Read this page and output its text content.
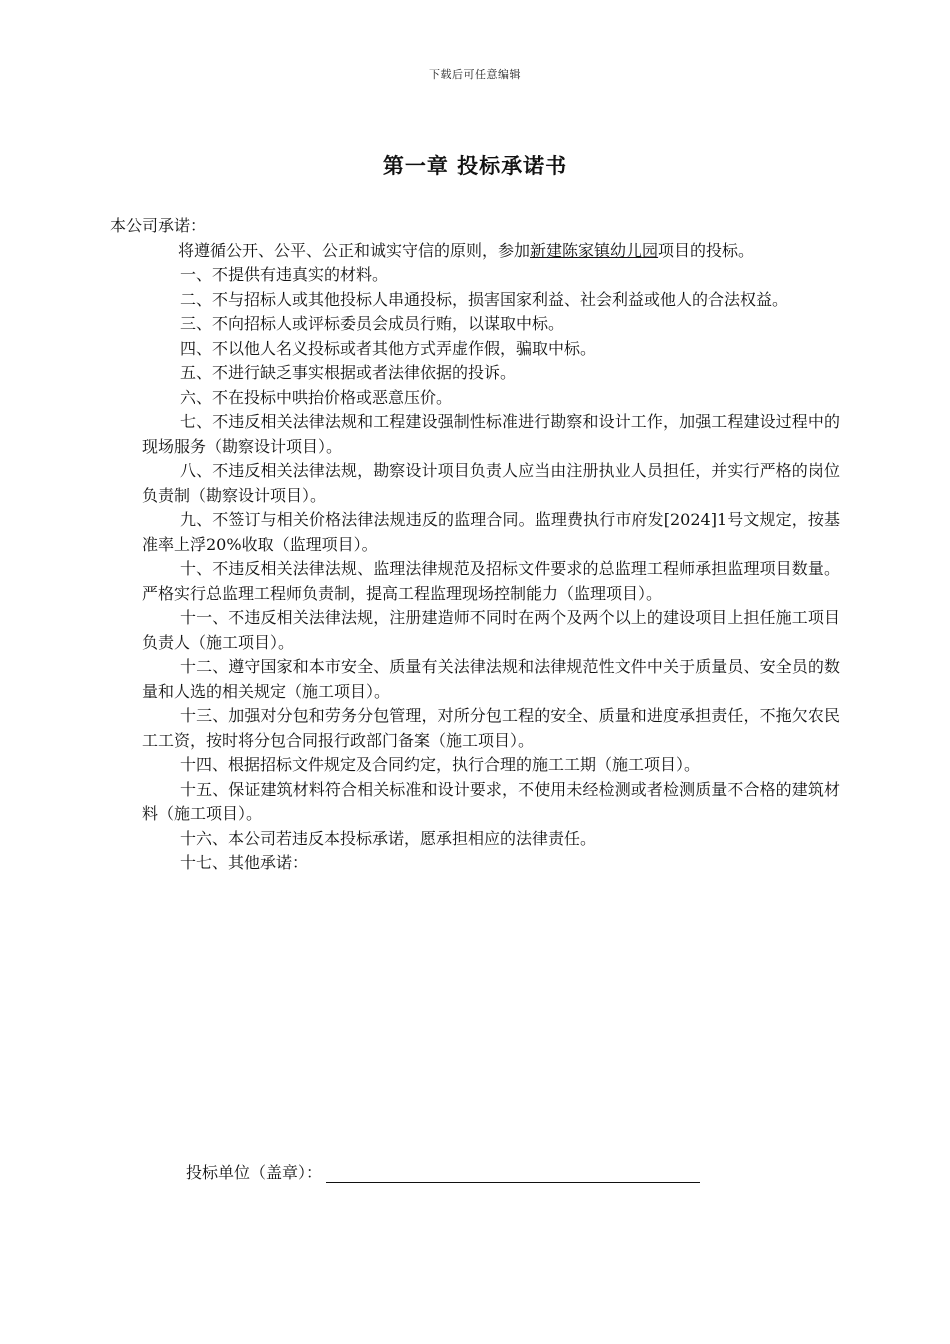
下载后可任意编辑
第一章 投标承诺书

本公司承诺：

将遵循公开、公平、公正和诚实守信的原则，参加新建陈家镇幼儿园项目的投标。

一、不提供有违真实的材料。
二、不与招标人或其他投标人串通投标，损害国家利益、社会利益或他人的合法权益。
三、不向招标人或评标委员会成员行贿，以谋取中标。
四、不以他人名义投标或者其他方式弄虚作假，骗取中标。
五、不进行缺乏事实根据或者法律依据的投诉。
六、不在投标中哄抬价格或恶意压价。
七、不违反相关法律法规和工程建设强制性标准进行勘察和设计工作，加强工程建设过程中的现场服务（勘察设计项目）。
八、不违反相关法律法规，勘察设计项目负责人应当由注册执业人员担任，并实行严格的岗位负责制（勘察设计项目）。
九、不签订与相关价格法律法规违反的监理合同。监理费执行市府发[2024]1号文规定，按基准率上浮20%收取（监理项目）。
十、不违反相关法律法规、监理法律规范及招标文件要求的总监理工程师承担监理项目数量。严格实行总监理工程师负责制，提高工程监理现场控制能力（监理项目）。
十一、不违反相关法律法规，注册建造师不同时在两个及两个以上的建设项目上担任施工项目负责人（施工项目）。
十二、遵守国家和本市安全、质量有关法律法规和法律规范性文件中关于质量员、安全员的数量和人选的相关规定（施工项目）。
十三、加强对分包和劳务分包管理，对所分包工程的安全、质量和进度承担责任，不拖欠农民工工资，按时将分包合同报行政部门备案（施工项目）。
十四、根据招标文件规定及合同约定，执行合理的施工工期（施工项目）。
十五、保证建筑材料符合相关标准和设计要求，不使用未经检测或者检测质量不合格的建筑材料（施工项目）。
十六、本公司若违反本投标承诺，愿承担相应的法律责任。
十七、其他承诺：
投标单位（盖章）：
